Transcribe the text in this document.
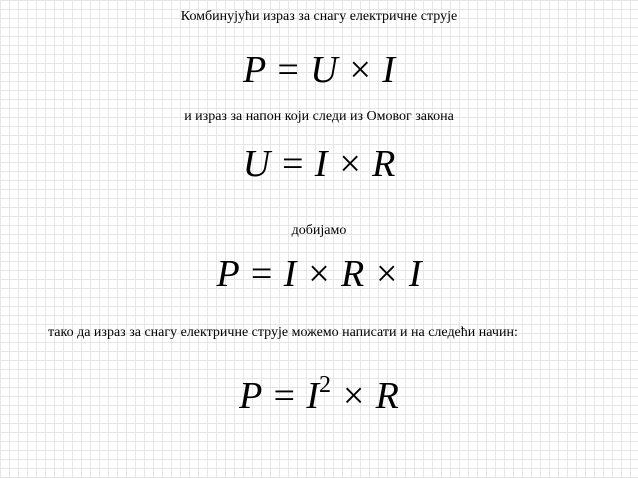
Комбинујући израз за снагу електричне струје
P = U × I
и израз за напон који следи из Омовог закона
U = I × R
добијамо
P = I × R × I
тако да израз за снагу електричне струје можемо написати и на следећи начин:
$P = I^2 \times R$
